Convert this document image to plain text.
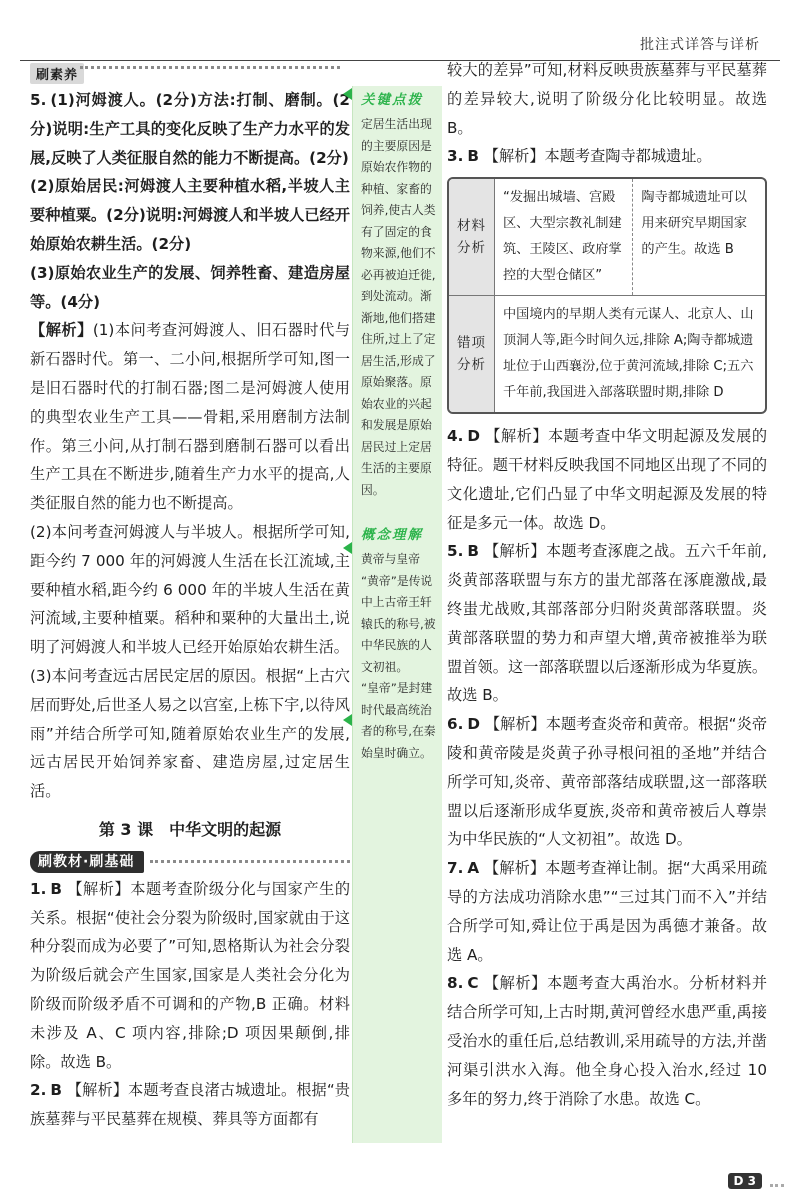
批注式详答与详析
刷素养

5. (1)河姆渡人。(2分)方法:打制、磨制。(2分)说明:生产工具的变化反映了生产力水平的发展,反映了人类征服自然的能力不断提高。(2分)

(2)原始居民:河姆渡人主要种植水稻,半坡人主要种植粟。(2分)说明:河姆渡人和半坡人已经开始原始农耕生活。(2分)

(3)原始农业生产的发展、饲养牲畜、建造房屋等。(4分)

【解析】(1)本问考查河姆渡人、旧石器时代与新石器时代。第一、二小问,根据所学可知,图一是旧石器时代的打制石器;图二是河姆渡人使用的典型农业生产工具——骨耜,采用磨制方法制作。第三小问,从打制石器到磨制石器可以看出生产工具在不断进步,随着生产力水平的提高,人类征服自然的能力也不断提高。

(2)本问考查河姆渡人与半坡人。根据所学可知,距今约 7 000 年的河姆渡人生活在长江流域,主要种植水稻,距今约 6 000 年的半坡人生活在黄河流域,主要种植粟。稻种和粟种的大量出土,说明了河姆渡人和半坡人已经开始原始农耕生活。

(3)本问考查远古居民定居的原因。根据“上古穴居而野处,后世圣人易之以宫室,上栋下宇,以待风雨”并结合所学可知,随着原始农业生产的发展,远古居民开始饲养家畜、建造房屋,过定居生活。

第 3 课　中华文明的起源

刷教材·刷基础

1. B 【解析】本题考查阶级分化与国家产生的关系。根据“使社会分裂为阶级时,国家就由于这种分裂而成为必要了”可知,恩格斯认为社会分裂为阶级后就会产生国家,国家是人类社会分化为阶级而阶级矛盾不可调和的产物,B 正确。材料未涉及 A、C 项内容,排除;D 项因果颠倒,排除。故选 B。

2. B 【解析】本题考查良渚古城遗址。根据“贵族墓葬与平民墓葬在规模、葬具等方面都有

关键点拨

定居生活出现的主要原因是原始农作物的种植、家畜的饲养,使古人类有了固定的食物来源,他们不必再被迫迁徙,到处流动。渐渐地,他们搭建住所,过上了定居生活,形成了原始聚落。原始农业的兴起和发展是原始居民过上定居生活的主要原因。

概念理解

黄帝与皇帝

“黄帝”是传说中上古帝王轩辕氏的称号,被中华民族的人文初祖。

“皇帝”是封建时代最高统治者的称号,在秦始皇时确立。

较大的差异”可知,材料反映贵族墓葬与平民墓葬的差异较大,说明了阶级分化比较明显。故选 B。

3. B 【解析】本题考查陶寺都城遗址。

材料分析
“发掘出城墙、宫殿区、大型宗教礼制建筑、王陵区、政府掌控的大型仓储区”
陶寺都城遗址可以用来研究早期国家的产生。故选 B
错项分析
中国境内的早期人类有元谋人、北京人、山顶洞人等,距今时间久远,排除 A;陶寺都城遗址位于山西襄汾,位于黄河流域,排除 C;五六千年前,我国进入部落联盟时期,排除 D

4. D 【解析】本题考查中华文明起源及发展的特征。题干材料反映我国不同地区出现了不同的文化遗址,它们凸显了中华文明起源及发展的特征是多元一体。故选 D。

5. B 【解析】本题考查涿鹿之战。五六千年前,炎黄部落联盟与东方的蚩尤部落在涿鹿激战,最终蚩尤战败,其部落部分归附炎黄部落联盟。炎黄部落联盟的势力和声望大增,黄帝被推举为联盟首领。这一部落联盟以后逐渐形成为华夏族。故选 B。

6. D 【解析】本题考查炎帝和黄帝。根据“炎帝陵和黄帝陵是炎黄子孙寻根问祖的圣地”并结合所学可知,炎帝、黄帝部落结成联盟,这一部落联盟以后逐渐形成华夏族,炎帝和黄帝被后人尊崇为中华民族的“人文初祖”。故选 D。

7. A 【解析】本题考查禅让制。据“大禹采用疏导的方法成功消除水患”“三过其门而不入”并结合所学可知,舜让位于禹是因为禹德才兼备。故选 A。

8. C 【解析】本题考查大禹治水。分析材料并结合所学可知,上古时期,黄河曾经水患严重,禹接受治水的重任后,总结教训,采用疏导的方法,并凿河渠引洪水入海。他全身心投入治水,经过 10 多年的努力,终于消除了水患。故选 C。

D 3
